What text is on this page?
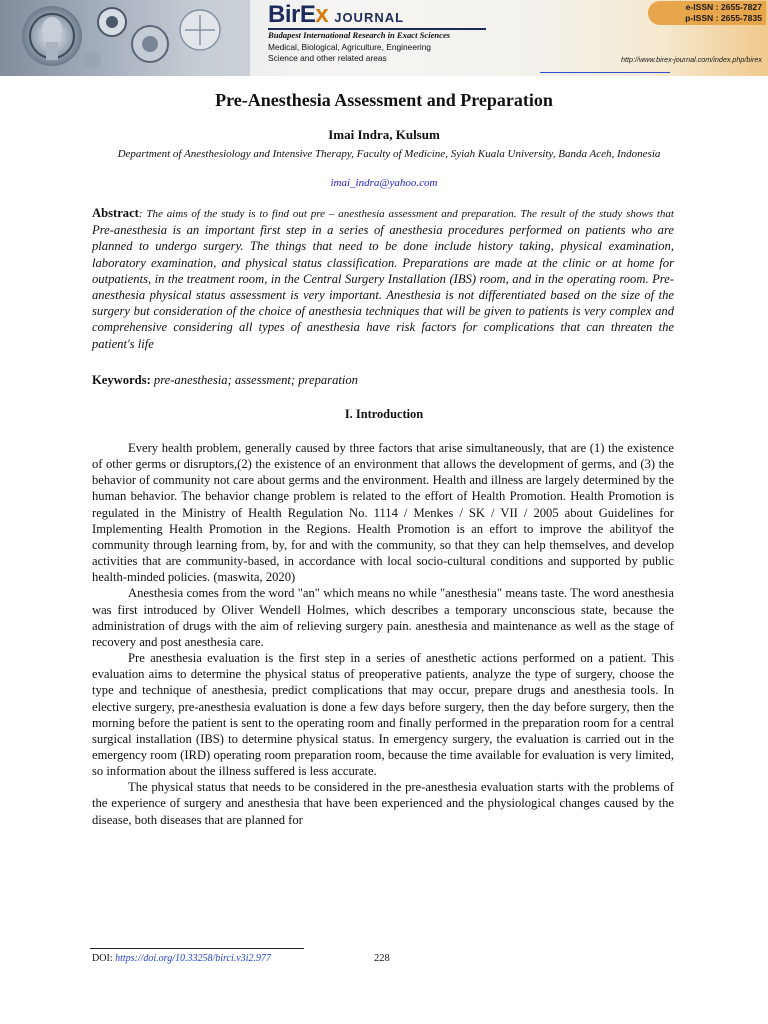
BirEx JOURNAL
Budapest International Research in Exact Sciences
Medical, Biological, Agriculture, Engineering
Science and other related areas
e-ISSN : 2655-7827
p-ISSN : 2655-7835
http://www.birex-journal.com/index.php/birex
Pre-Anesthesia Assessment and Preparation
Imai Indra, Kulsum
Department of Anesthesiology and Intensive Therapy, Faculty of Medicine, Syiah Kuala University, Banda Aceh, Indonesia
imai_indra@yahoo.com
Abstract: The aims of the study is to find out pre – anesthesia assessment and preparation. The result of the study shows that Pre-anesthesia is an important first step in a series of anesthesia procedures performed on patients who are planned to undergo surgery. The things that need to be done include history taking, physical examination, laboratory examination, and physical status classification. Preparations are made at the clinic or at home for outpatients, in the treatment room, in the Central Surgery Installation (IBS) room, and in the operating room. Pre-anesthesia physical status assessment is very important. Anesthesia is not differentiated based on the size of the surgery but consideration of the choice of anesthesia techniques that will be given to patients is very complex and comprehensive considering all types of anesthesia have risk factors for complications that can threaten the patient's life
Keywords: pre-anesthesia; assessment; preparation
I. Introduction

Every health problem, generally caused by three factors that arise simultaneously, that are (1) the existence of other germs or disruptors,(2) the existence of an environment that allows the development of germs, and (3) the behavior of community not care about germs and the environment. Health and illness are largely determined by the human behavior. The behavior change problem is related to the effort of Health Promotion. Health Promotion is regulated in the Ministry of Health Regulation No. 1114 / Menkes / SK / VII / 2005 about Guidelines for Implementing Health Promotion in the Regions. Health Promotion is an effort to improve the abilityof the community through learning from, by, for and with the community, so that they can help themselves, and develop activities that are community-based, in accordance with local socio-cultural conditions and supported by public health-minded policies. (maswita, 2020)

Anesthesia comes from the word "an" which means no while "anesthesia" means taste. The word anesthesia was first introduced by Oliver Wendell Holmes, which describes a temporary unconscious state, because the administration of drugs with the aim of relieving surgery pain. anesthesia and maintenance as well as the stage of recovery and post anesthesia care.

Pre anesthesia evaluation is the first step in a series of anesthetic actions performed on a patient. This evaluation aims to determine the physical status of preoperative patients, analyze the type of surgery, choose the type and technique of anesthesia, predict complications that may occur, prepare drugs and anesthesia tools. In elective surgery, pre-anesthesia evaluation is done a few days before surgery, then the day before surgery, then the morning before the patient is sent to the operating room and finally performed in the preparation room for a central surgical installation (IBS) to determine physical status. In emergency surgery, the evaluation is carried out in the emergency room (IRD) operating room preparation room, because the time available for evaluation is very limited, so information about the illness suffered is less accurate.

The physical status that needs to be considered in the pre-anesthesia evaluation starts with the problems of the experience of surgery and anesthesia that have been experienced and the physiological changes caused by the disease, both diseases that are planned for

DOI: https://doi.org/10.33258/birci.v3i2.977	228
